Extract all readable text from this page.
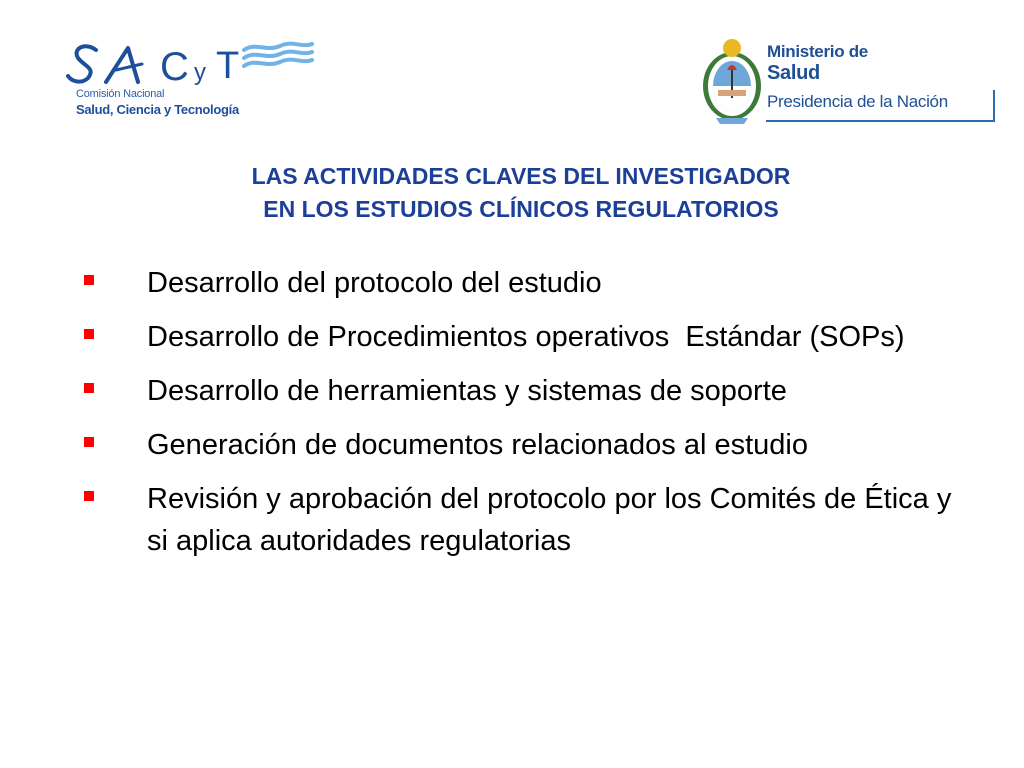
C y T
Comisión Nacional
Salud, Ciencia y Tecnología
Ministerio de
Salud
Presidencia de la Nación
LAS ACTIVIDADES CLAVES DEL INVESTIGADOR
EN LOS ESTUDIOS CLÍNICOS REGULATORIOS
Desarrollo del protocolo del estudio
Desarrollo de Procedimientos operativos  Estándar (SOPs)
Desarrollo de herramientas y sistemas de soporte
Generación de documentos relacionados al estudio
Revisión y aprobación del protocolo por los Comités de Ética y si aplica autoridades regulatorias
